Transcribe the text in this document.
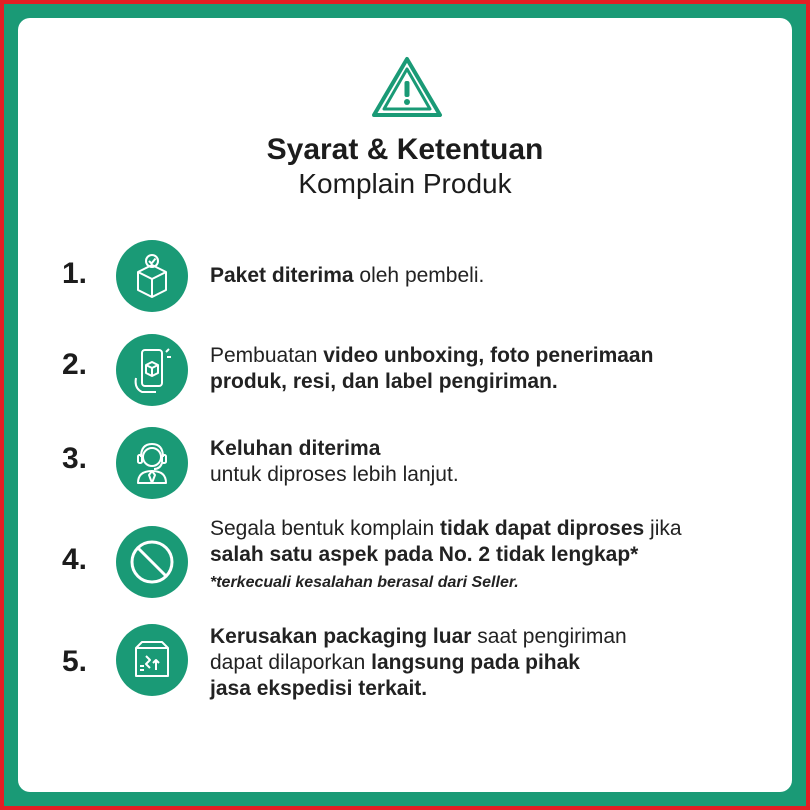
Syarat & Ketentuan
Komplain Produk
1.	Paket diterima oleh pembeli.
2.	Pembuatan video unboxing, foto penerimaan
produk, resi, dan label pengiriman.
3.	Keluhan diterima
untuk diproses lebih lanjut.
4.
Segala bentuk komplain tidak dapat diproses jika
salah satu aspek pada No. 2 tidak lengkap*
*terkecuali kesalahan berasal dari Seller.
5.
Kerusakan packaging luar saat pengiriman
dapat dilaporkan langsung pada pihak
jasa ekspedisi terkait.
